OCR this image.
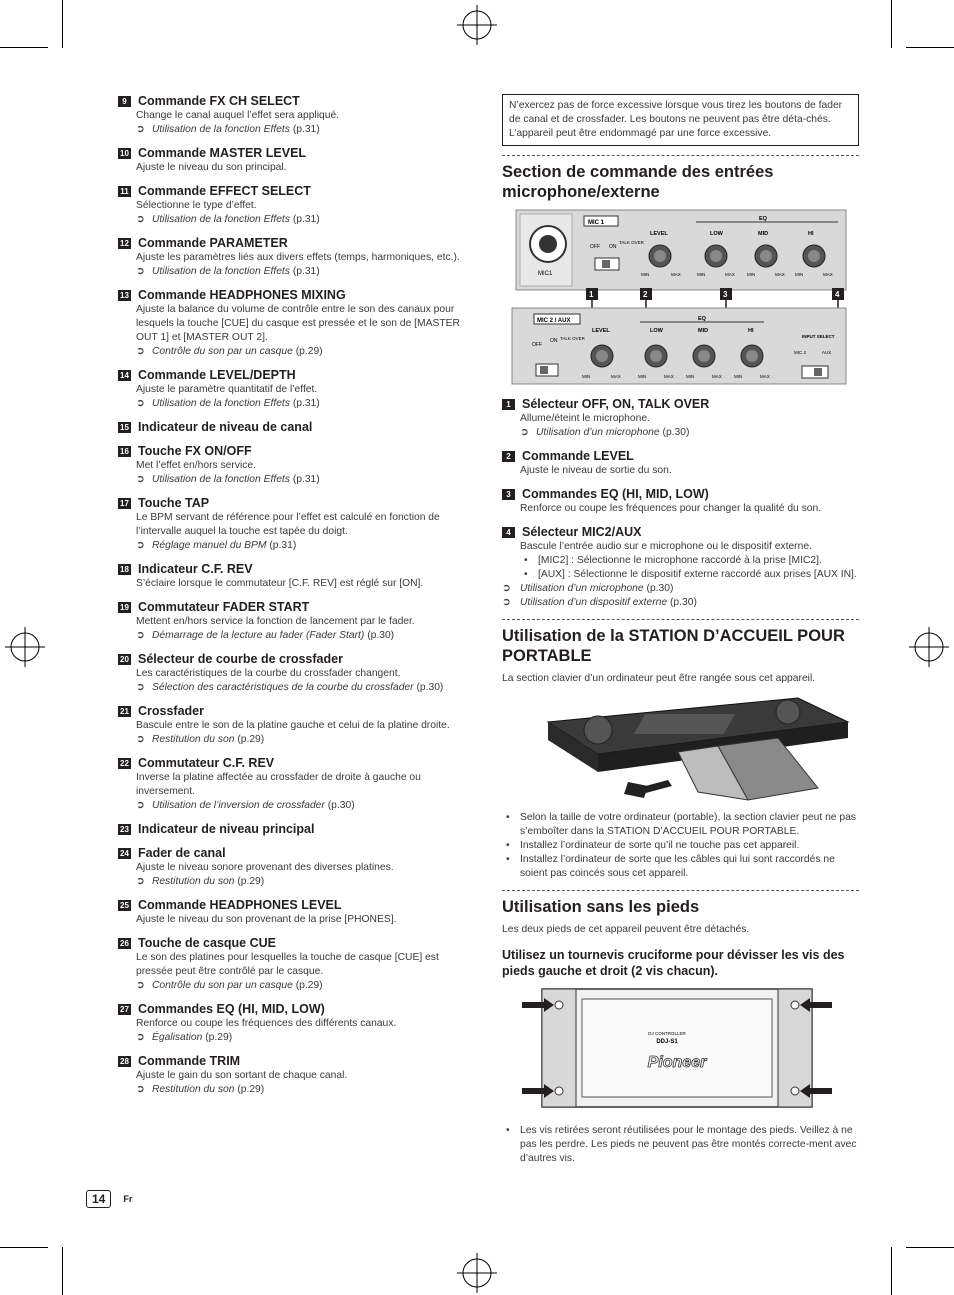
9 Commande FX CH SELECT
Change le canal auquel l’effet sera appliqué.
➲ Utilisation de la fonction Effets (p.31)
10 Commande MASTER LEVEL
Ajuste le niveau du son principal.
11 Commande EFFECT SELECT
Sélectionne le type d’effet.
➲ Utilisation de la fonction Effets (p.31)
12 Commande PARAMETER
Ajuste les paramètres liés aux divers effets (temps, harmoniques, etc.).
➲ Utilisation de la fonction Effets (p.31)
13 Commande HEADPHONES MIXING
Ajuste la balance du volume de contrôle entre le son des canaux pour lesquels la touche [CUE] du casque est pressée et le son de [MASTER OUT 1] et [MASTER OUT 2].
➲ Contrôle du son par un casque (p.29)
14 Commande LEVEL/DEPTH
Ajuste le paramètre quantitatif de l’effet.
➲ Utilisation de la fonction Effets (p.31)
15 Indicateur de niveau de canal
16 Touche FX ON/OFF
Met l’effet en/hors service.
➲ Utilisation de la fonction Effets (p.31)
17 Touche TAP
Le BPM servant de référence pour l’effet est calculé en fonction de l’intervalle auquel la touche est tapée du doigt.
➲ Réglage manuel du BPM (p.31)
18 Indicateur C.F. REV
S’éclaire lorsque le commutateur [C.F. REV] est réglé sur [ON].
19 Commutateur FADER START
Mettent en/hors service la fonction de lancement par le fader.
➲ Démarrage de la lecture au fader (Fader Start) (p.30)
20 Sélecteur de courbe de crossfader
Les caractéristiques de la courbe du crossfader changent.
➲ Sélection des caractéristiques de la courbe du crossfader (p.30)
21 Crossfader
Bascule entre le son de la platine gauche et celui de la platine droite.
➲ Restitution du son (p.29)
22 Commutateur C.F. REV
Inverse la platine affectée au crossfader de droite à gauche ou inversement.
➲ Utilisation de l’inversion de crossfader (p.30)
23 Indicateur de niveau principal
24 Fader de canal
Ajuste le niveau sonore provenant des diverses platines.
➲ Restitution du son (p.29)
25 Commande HEADPHONES LEVEL
Ajuste le niveau du son provenant de la prise [PHONES].
26 Touche de casque CUE
Le son des platines pour lesquelles la touche de casque [CUE] est pressée peut être contrôlé par le casque.
➲ Contrôle du son par un casque (p.29)
27 Commandes EQ (HI, MID, LOW)
Renforce ou coupe les fréquences des différents canaux.
➲ Égalisation (p.29)
28 Commande TRIM
Ajuste le gain du son sortant de chaque canal.
➲ Restitution du son (p.29)
N’exercez pas de force excessive lorsque vous tirez les boutons de fader de canal et de crossfader. Les boutons ne peuvent pas être déta-chés. L’appareil peut être endommagé par une force excessive.
Section de commande des entrées microphone/externe
MIC1
MIC 1
OFF ON
TALK OVER
LEVEL
MIN	MAX
EQ
LOW	MID	HI
MIN	MAX	MIN	MAX MIN	MAX
1	2	3	4
MIC 2 / AUX
OFF
ON TALK OVER
LEVEL
EQ
LOW	MID	HI
MIN	MAX	MIN	MAX	MIN	MAX	MIN	MAX
INPUT SELECT
MIC 2	AUX
1 Sélecteur OFF, ON, TALK OVER
Allume/éteint le microphone.
➲ Utilisation d’un microphone (p.30)
2 Commande LEVEL
Ajuste le niveau de sortie du son.
3 Commandes EQ (HI, MID, LOW)
Renforce ou coupe les fréquences pour changer la qualité du son.
4 Sélecteur MIC2/AUX
Bascule l’entrée audio sur e microphone ou le dispositif externe.
• [MIC2] : Sélectionne le microphone raccordé à la prise [MIC2].
• [AUX] : Sélectionne le dispositif externe raccordé aux prises [AUX IN].
➲ Utilisation d’un microphone (p.30)
➲ Utilisation d’un dispositif externe (p.30)
Utilisation de la STATION D’ACCUEIL POUR PORTABLE
La section clavier d’un ordinateur peut être rangée sous cet appareil.
• Selon la taille de votre ordinateur (portable), la section clavier peut ne pas s’emboîter dans la STATION D’ACCUEIL POUR PORTABLE.
• Installez l’ordinateur de sorte qu’il ne touche pas cet appareil.
• Installez l’ordinateur de sorte que les câbles qui lui sont raccordés ne soient pas coincés sous cet appareil.
Utilisation sans les pieds
Les deux pieds de cet appareil peuvent être détachés.
Utilisez un tournevis cruciforme pour dévisser les vis des pieds gauche et droit (2 vis chacun).
DJ CONTROLLER
DDJ-S1
Pioneer
• Les vis retirées seront réutilisées pour le montage des pieds. Veillez à ne pas les perdre. Les pieds ne peuvent pas être montés correcte-ment avec d’autres vis.
14	Fr
